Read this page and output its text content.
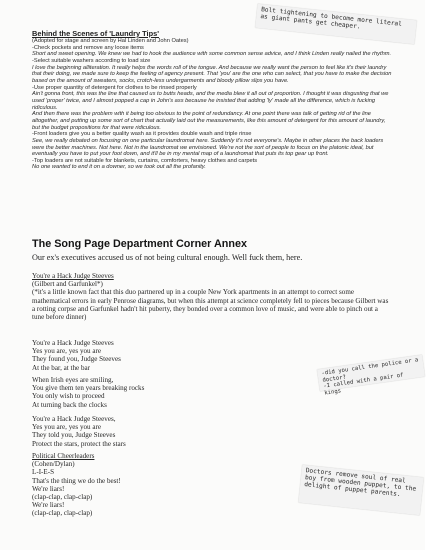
Bolt tightening to become more literal as giant pants get cheaper.
-did you call the police or a doctor?
-I called with a pair of kings
Doctors remove soul of real boy from wooden puppet, to the delight of puppet parents.
Behind the Scenes of 'Laundry Tips'

(Adopted for stage and screen by Hal Linden and John Oates)

-Check pockets and remove any loose items

Short and sweet opening. We knew we had to hook the audience with some common sense advice, and I think Linden really nailed the rhythm.

-Select suitable washers according to load size

I love the beginning alliteration. It really helps the words roll of the tongue. And because we really want the person to feel like it's their laundry that their doing, we made sure to keep the feeling of agency present. That 'you' are the one who can select, that you have to make the decision based on the amount of sweaters, socks, crotch-less undergarments and bloody pillow slips you have.

-Use proper quantity of detergent for clothes to be rinsed properly

Ain't gonna front, this was the line that caused us to butts heads, and the media blew it all out of proportion. I thought it was disgusting that we used 'proper' twice, and I almost popped a cap in John's ass because he insisted that adding 'ly' made all the difference, which is fucking ridiculous.

And then there was the problem with it being too obvious to the point of redundancy. At one point there was talk of getting rid of the line altogether, and putting up some sort of chart that actually laid out the measurements, like this amount of detergent for this amount of laundry, but the budget propositions for that were ridiculous.

-Front loaders give you a better quality wash as it provides double wash and triple rinse

See, we really debated on focusing on one particular laundromat here. Suddenly it's not everyone's. Maybe in other places the back loaders were the better machines. Not here. Not in the laundromat we envisioned. We're not the sort of people to focus on the platonic ideal, but eventually you have to put your foot down, and it'll be in my mental map of a laundromat that puts its top gear up front.

-Top loaders are not suitable for blankets, curtains, comforters, heavy clothes and carpets

No one wanted to end it on a downer, so we took out all the profanity.

The Song Page Department Corner Annex
Our ex's executives accused us of not being cultural enough. Well fuck them, here.
You're a Hack Judge Steeves
(Gilbert and Garfunkel*)
(*it's a little known fact that this duo partnered up in a couple New York apartments in an attempt to correct some mathematical errors in early Penrose diagrams, but when this attempt at science completely fell to pieces because Gilbert was a rotting corpse and Garfunkel hadn't hit puberty, they bonded over a common love of music, and were able to pinch out a tune before dinner)
You're a Hack Judge Steeves
Yes you are, yes you are
They found you, Judge Steeves
At the bar, at the bar
When Irish eyes are smiling,
You give them ten years breaking rocks
You only wish to proceed
At turning back the clocks
You're a Hack Judge Steeves,
Yes you are, yes you are
They told you, Judge Steeves
Protect the stars, protect the stars
Political Cheerleaders
(Cohen/Dylan)
L-I-E-S
That's the thing we do the best!
We're liars!
(clap-clap, clap-clap)
We're liars!
(clap-clap, clap-clap)
